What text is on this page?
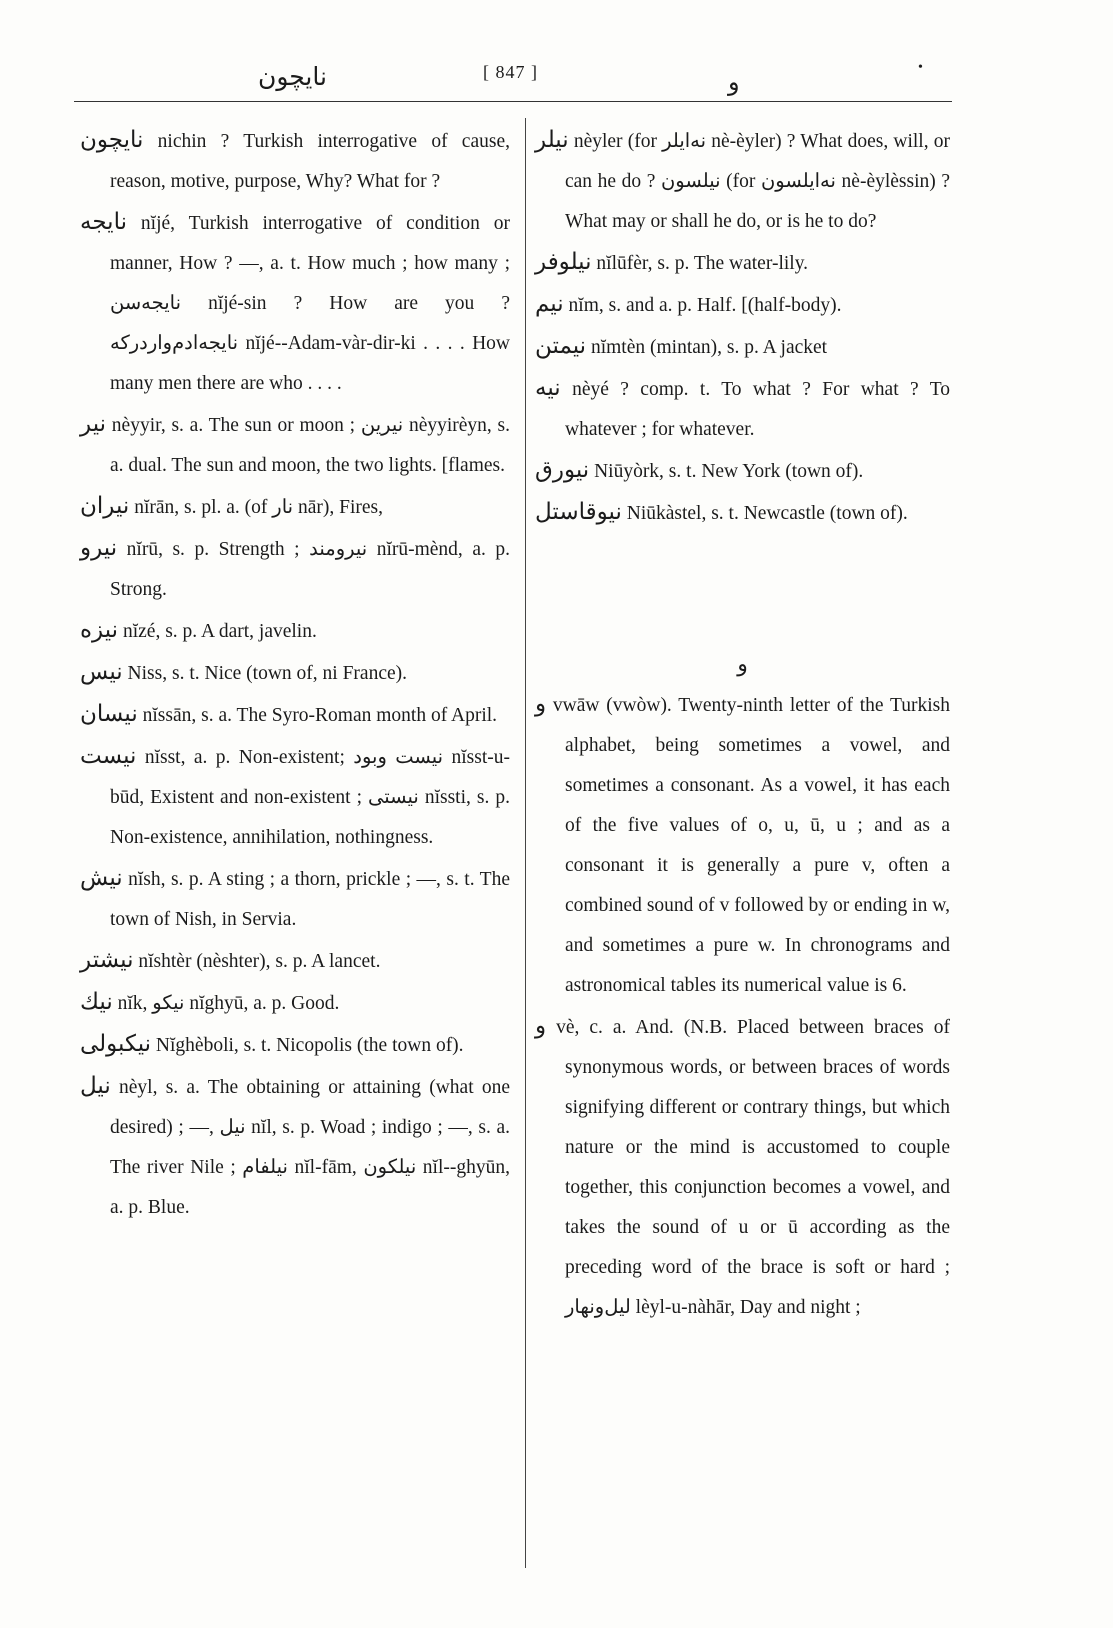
نایچون	[ 847 ]	و
•

نایچون nichin ? Turkish interrogative of cause, reason, motive, purpose, Why? What for ?

نایجه nĭjé, Turkish interrogative of condition or manner, How ? —, a. t. How much ; how many ; نایجه‌سن nĭjé-sin ? How are you ? نایجه‌ادم‌واردرکه nĭjé--Adam-vàr-dir-ki . . . . How many men there are who . . . .

نیر nèyyir, s. a. The sun or moon ; نیرین nèyyirèyn, s. a. dual. The sun and moon, the two lights. [flames.

نیران nĭrān, s. pl. a. (of نار nār), Fires,

نیرو nĭrū, s. p. Strength ; نیرومند nĭrū-mènd, a. p. Strong.

نیزه nĭzé, s. p. A dart, javelin.

نیس Niss, s. t. Nice (town of, ni France).

نیسان nĭssān, s. a. The Syro-Roman month of April.

نیست nĭsst, a. p. Non-existent; نیست وبود nĭsst-u-būd, Existent and non-existent ; نیستی nĭssti, s. p. Non-existence, annihilation, nothingness.

نیش nĭsh, s. p. A sting ; a thorn, prickle ; —, s. t. The town of Nish, in Servia.

نیشتر nĭshtèr (nèshter), s. p. A lancet.

نیك nĭk, نیکو nĭghyū, a. p. Good.

نیکبولی Nĭghèboli, s. t. Nicopolis (the town of).

نیل nèyl, s. a. The obtaining or attaining (what one desired) ; —, نیل nĭl, s. p. Woad ; indigo ; —, s. a. The river Nile ; نیلفام nĭl-fām, نیلکون nĭl--ghyūn, a. p. Blue.

نیلر nèyler (for نه‌ایلر nè-èyler) ? What does, will, or can he do ? نیلسون (for نه‌ایلسون nè-èylèssin) ? What may or shall he do, or is he to do?

نیلوفر nĭlūfèr, s. p. The water-lily.

نیم nĭm, s. and a. p. Half. [(half-body).

نیمتن nĭmtèn (mintan), s. p. A jacket

نیه nèyé ? comp. t. To what ? For what ? To whatever ; for whatever.

نیورق Niūyòrk, s. t. New York (town of).

نیوقاستل Niūkàstel, s. t. Newcastle (town of).

و

و vwāw (vwòw). Twenty-ninth letter of the Turkish alphabet, being sometimes a vowel, and sometimes a consonant. As a vowel, it has each of the five values of o, u, ū, u ; and as a consonant it is generally a pure v, often a combined sound of v followed by or ending in w, and sometimes a pure w. In chronograms and astronomical tables its numerical value is 6.

و vè, c. a. And. (N.B. Placed between braces of synonymous words, or between braces of words signifying different or contrary things, but which nature or the mind is accustomed to couple together, this conjunction becomes a vowel, and takes the sound of u or ū according as the preceding word of the brace is soft or hard ; لیل‌ونهار lèyl-u-nàhār, Day and night ;
